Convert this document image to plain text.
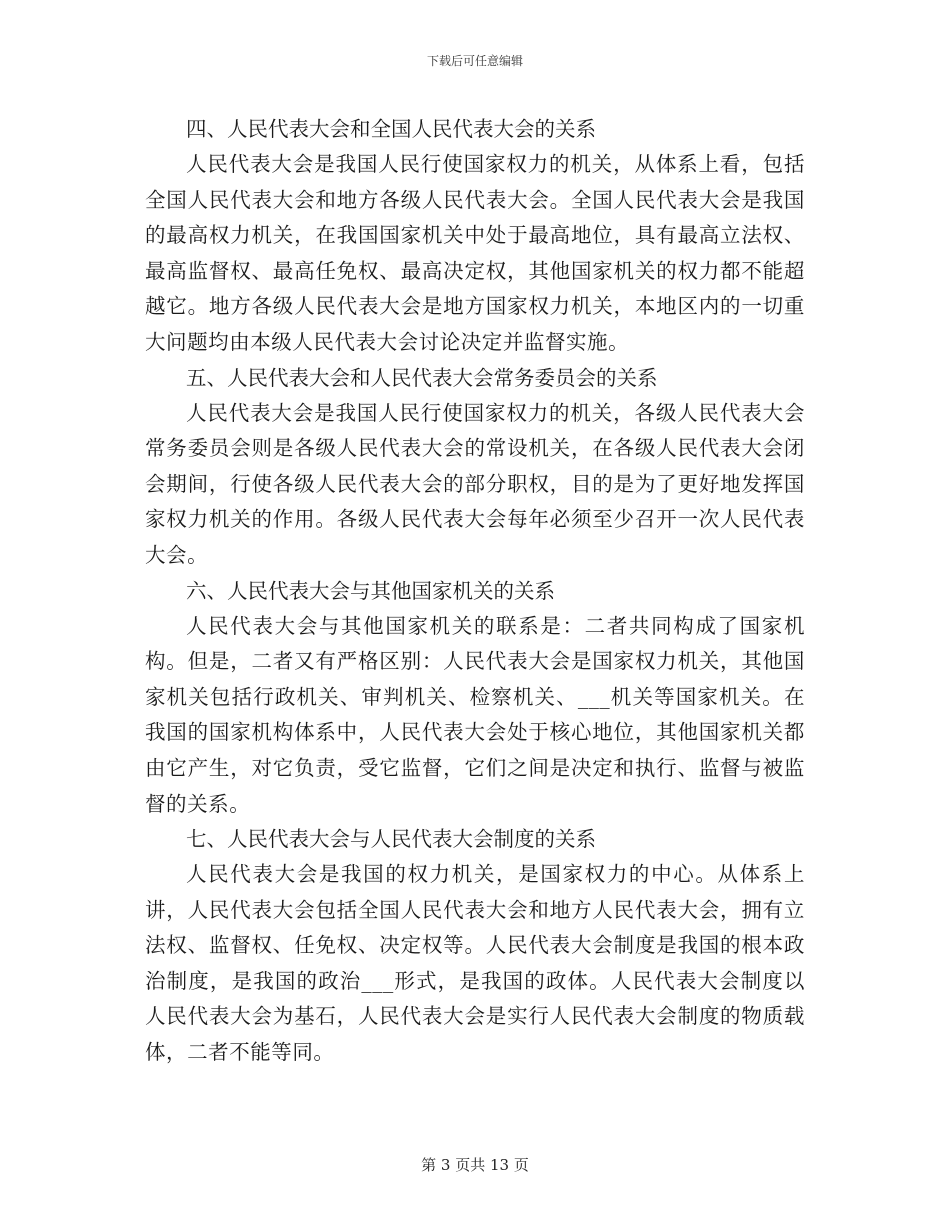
下载后可任意编辑

四、人民代表大会和全国人民代表大会的关系

人民代表大会是我国人民行使国家权力的机关，从体系上看，包括全国人民代表大会和地方各级人民代表大会。全国人民代表大会是我国的最高权力机关，在我国国家机关中处于最高地位，具有最高立法权、最高监督权、最高任免权、最高决定权，其他国家机关的权力都不能超越它。地方各级人民代表大会是地方国家权力机关，本地区内的一切重大问题均由本级人民代表大会讨论决定并监督实施。

五、人民代表大会和人民代表大会常务委员会的关系

人民代表大会是我国人民行使国家权力的机关，各级人民代表大会常务委员会则是各级人民代表大会的常设机关，在各级人民代表大会闭会期间，行使各级人民代表大会的部分职权，目的是为了更好地发挥国家权力机关的作用。各级人民代表大会每年必须至少召开一次人民代表大会。

六、人民代表大会与其他国家机关的关系

人民代表大会与其他国家机关的联系是：二者共同构成了国家机构。但是，二者又有严格区别：人民代表大会是国家权力机关，其他国家机关包括行政机关、审判机关、检察机关、___机关等国家机关。在我国的国家机构体系中，人民代表大会处于核心地位，其他国家机关都由它产生，对它负责，受它监督，它们之间是决定和执行、监督与被监督的关系。

七、人民代表大会与人民代表大会制度的关系

人民代表大会是我国的权力机关，是国家权力的中心。从体系上讲，人民代表大会包括全国人民代表大会和地方人民代表大会，拥有立法权、监督权、任免权、决定权等。人民代表大会制度是我国的根本政治制度，是我国的政治___形式，是我国的政体。人民代表大会制度以人民代表大会为基石，人民代表大会是实行人民代表大会制度的物质载体，二者不能等同。

第 3 页共 13 页
